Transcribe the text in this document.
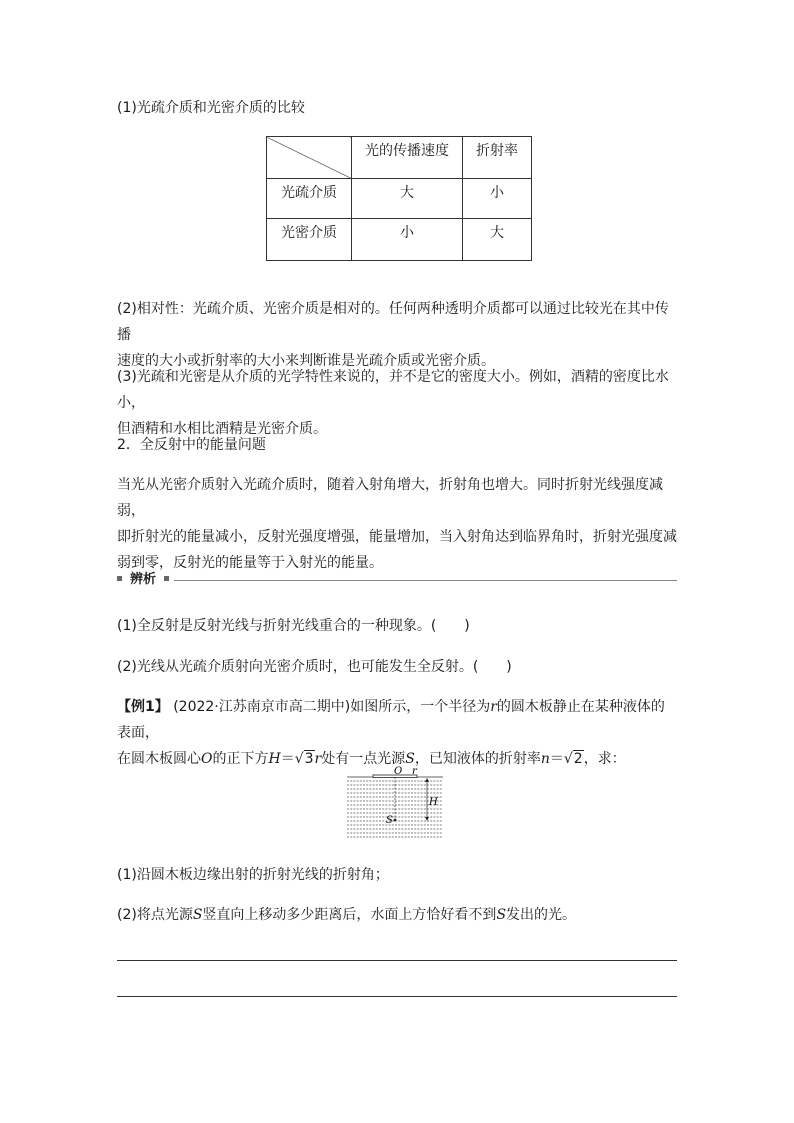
(1)光疏介质和光密介质的比较

	光的传播速度	折射率
光疏介质	大	小
光密介质	小	大
(2)相对性：光疏介质、光密介质是相对的。任何两种透明介质都可以通过比较光在其中传播
速度的大小或折射率的大小来判断谁是光疏介质或光密介质。
(3)光疏和光密是从介质的光学特性来说的，并不是它的密度大小。例如，酒精的密度比水小，
但酒精和水相比酒精是光密介质。

2．全反射中的能量问题

当光从光密介质射入光疏介质时，随着入射角增大，折射角也增大。同时折射光线强度减弱，
即折射光的能量减小，反射光强度增强，能量增加，当入射角达到临界角时，折射光强度减
弱到零，反射光的能量等于入射光的能量。
辨析

(1)全反射是反射光线与折射光线重合的一种现象。(　　)

(2)光线从光疏介质射向光密介质时，也可能发生全反射。(　　)

【例1】 (2022·江苏南京市高二期中)如图所示，一个半径为r的圆木板静止在某种液体的表面，
在圆木板圆心O的正下方H＝√3r处有一点光源S，已知液体的折射率n＝√2，求：
O r
H
S

(1)沿圆木板边缘出射的折射光线的折射角；

(2)将点光源S竖直向上移动多少距离后，水面上方恰好看不到S发出的光。
